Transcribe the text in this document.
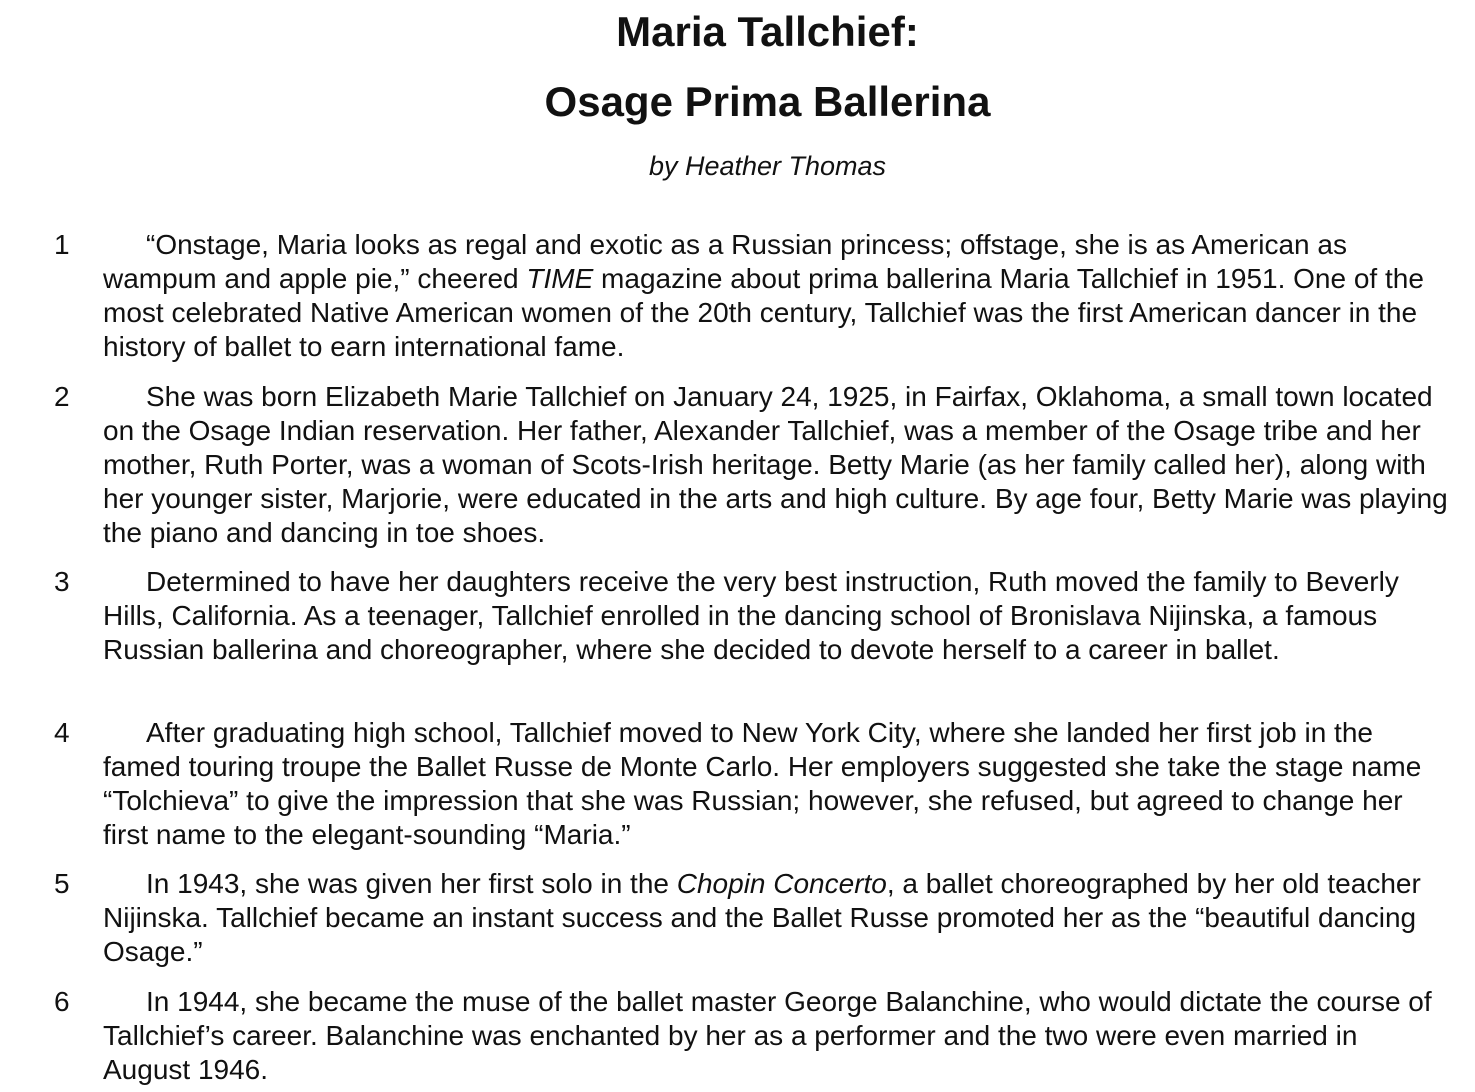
Maria Tallchief:
Osage Prima Ballerina
by Heather Thomas
1	“Onstage, Maria looks as regal and exotic as a Russian princess; offstage, she is as American as wampum and apple pie,” cheered TIME magazine about prima ballerina Maria Tallchief in 1951. One of the most celebrated Native American women of the 20th century, Tallchief was the first American dancer in the history of ballet to earn international fame.

2	She was born Elizabeth Marie Tallchief on January 24, 1925, in Fairfax, Oklahoma, a small town located on the Osage Indian reservation. Her father, Alexander Tallchief, was a member of the Osage tribe and her mother, Ruth Porter, was a woman of Scots-Irish heritage. Betty Marie (as her family called her), along with her younger sister, Marjorie, were educated in the arts and high culture. By age four, Betty Marie was playing the piano and dancing in toe shoes.

3	Determined to have her daughters receive the very best instruction, Ruth moved the family to Beverly Hills, California. As a teenager, Tallchief enrolled in the dancing school of Bronislava Nijinska, a famous Russian ballerina and choreographer, where she decided to devote herself to a career in ballet.

4	After graduating high school, Tallchief moved to New York City, where she landed her first job in the famed touring troupe the Ballet Russe de Monte Carlo. Her employers suggested she take the stage name “Tolchieva” to give the impression that she was Russian; however, she refused, but agreed to change her first name to the elegant-sounding “Maria.”

5	In 1943, she was given her first solo in the Chopin Concerto, a ballet choreographed by her old teacher Nijinska. Tallchief became an instant success and the Ballet Russe promoted her as the “beautiful dancing Osage.”

6	In 1944, she became the muse of the ballet master George Balanchine, who would dictate the course of Tallchief’s career. Balanchine was enchanted by her as a performer and the two were even married in August 1946.
